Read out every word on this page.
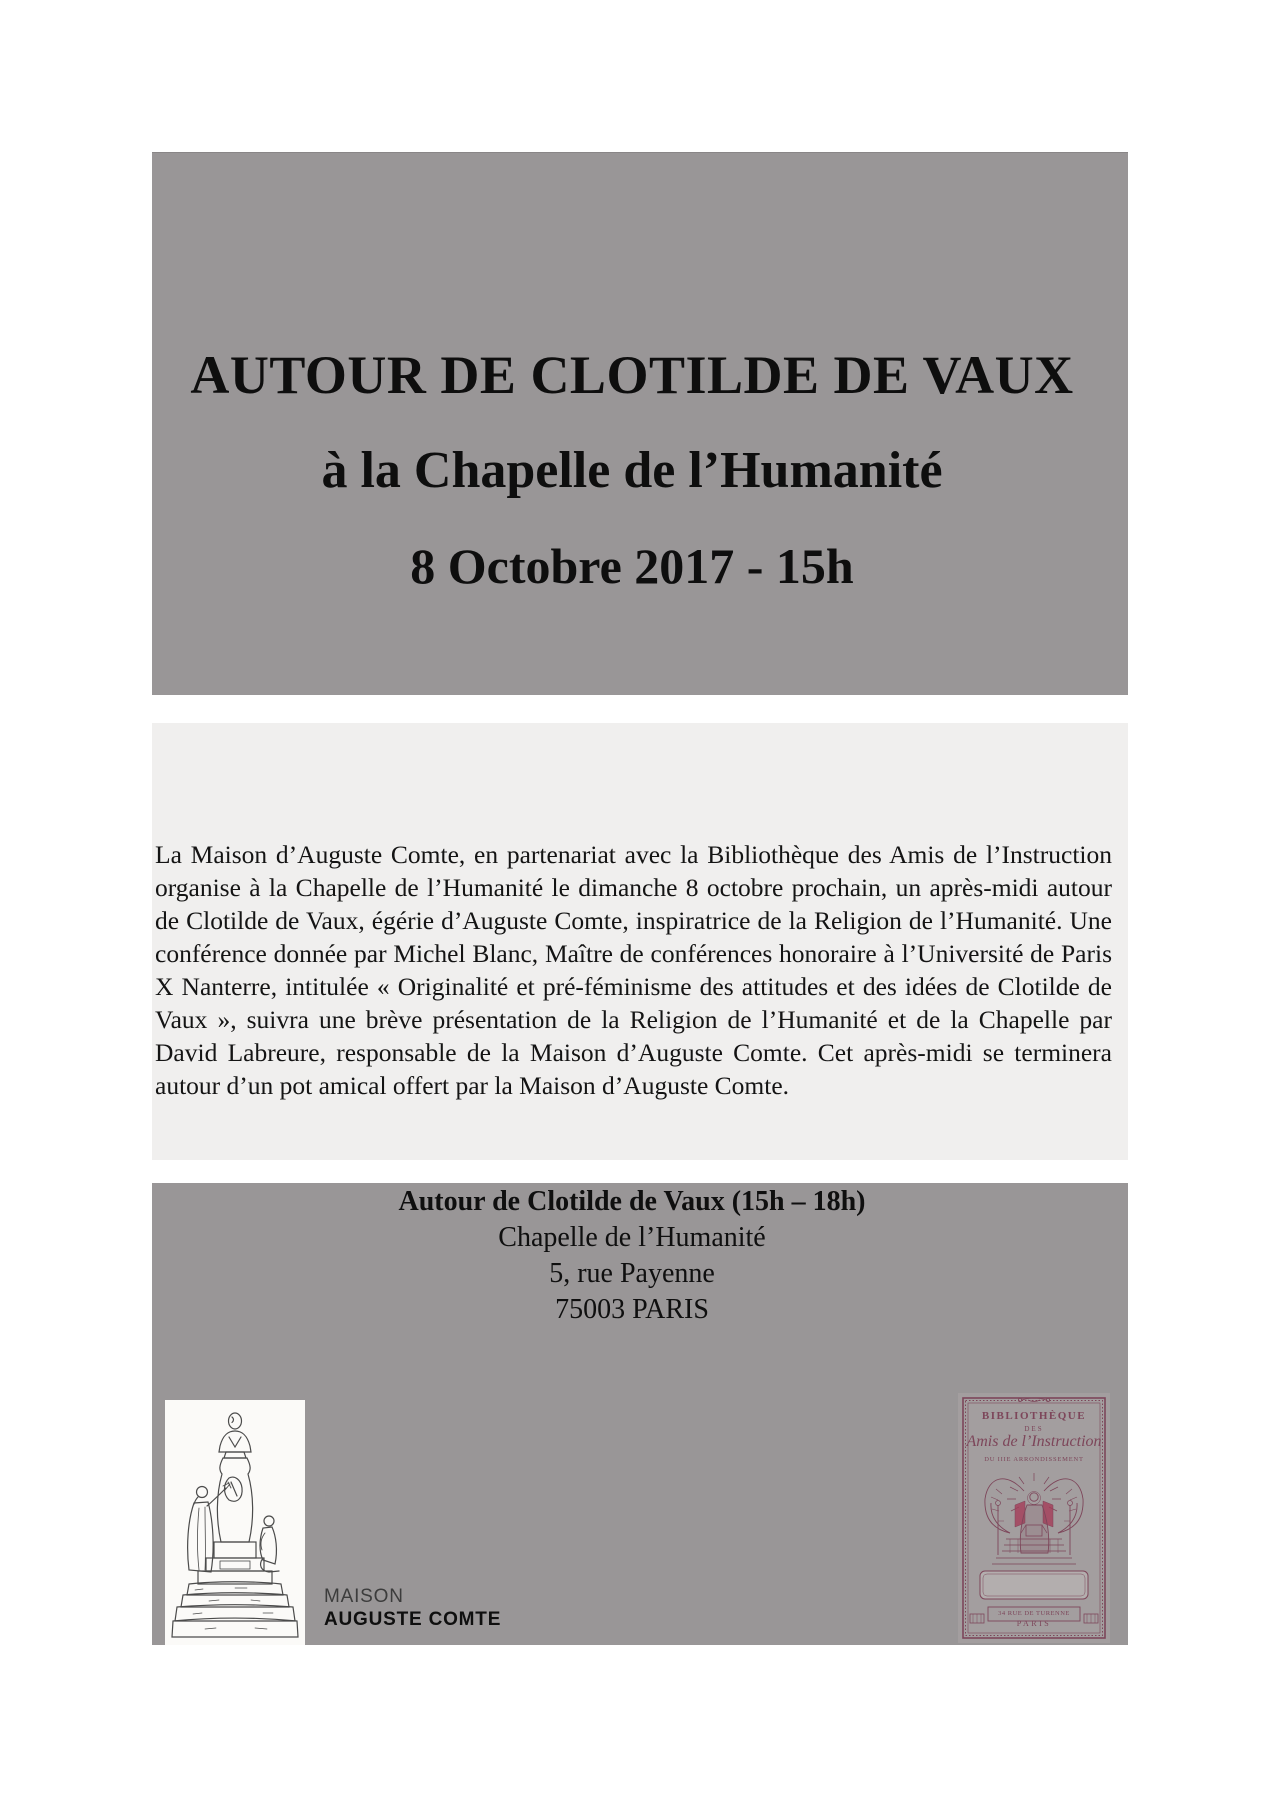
AUTOUR DE CLOTILDE DE VAUX
à la Chapelle de l’Humanité
8 Octobre 2017 - 15h

La Maison d’Auguste Comte, en partenariat avec la Bibliothèque des Amis de l’Instruction organise à la Chapelle de l’Humanité le dimanche 8 octobre prochain, un après-midi autour de Clotilde de Vaux, égérie d’Auguste Comte, inspiratrice de la Religion de l’Humanité. Une conférence donnée par Michel Blanc, Maître de conférences honoraire à l’Université de Paris X Nanterre, intitulée « Originalité et pré-féminisme des attitudes et des idées de Clotilde de Vaux », suivra une brève présentation de la Religion de l’Humanité et de la Chapelle par David Labreure, responsable de la Maison d’Auguste Comte. Cet après-midi se terminera autour d’un pot amical offert par la Maison d’Auguste Comte.

Autour de Clotilde de Vaux (15h – 18h)
Chapelle de l’Humanité
5, rue Payenne
75003 PARIS
MAISON
AUGUSTE COMTE
BIBLIOTHÈQUE
DES
Amis de l’Instruction
DU IIIE ARRONDISSEMENT
34 RUE DE TURENNE
PARIS
